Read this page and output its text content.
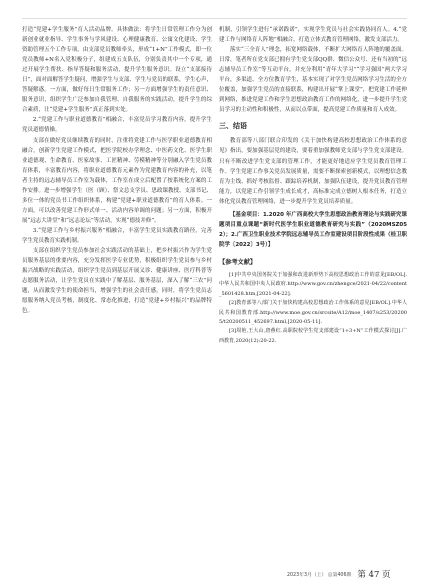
打造“党建+学生服务”育人活动品牌。具体做法：将学生日常管理工作分为创新创业就业指导、学生事务与学风建设、心理健康教育、公寓文化建设、学生资助管理五个工作专项，由支部党员教师牵头，形成“1+N”工作模式，即一位党员教师+N名入党积极分子，组建成五支队伍，分别负责其中一个专项，通过开展学生帮扶、指导答疑和服务活动，提升学生服务意识。设立“支部接待日”，面对面解答学生疑问，增强学生与支部、学生与党员的联系，学生心声，答疑解惑。一方面，做好每日生常服务工作；另一方面增强学生的责任意识、服务意识，组织学生广泛参加自我管理、自我服务的实践活动，提升学生的综合素质，让“党建+学生服务”真正落到实处。

2.“党建工作与职业道德教育”相融合，丰富党员学习教育内容，提升学生党员道德情操。

支部在做好党员继续教育的同时，注重将党建工作与医学职业道德教育相融合，创新学生党建工作模式，把医学院校办学理念、中医药文化、医学生职业道德观、生命教育、医家故事、工匠精神、劳模精神等分别融入学生党员教育体系，丰富教育内容，将职业道德教育元素作为党建教育内容的补充，以笔者主持的远志辅导员工作室为载体，工作室在成立后配置了按系统化方案的工作安排。进一步增强学生（医（顾）、祭文总支学员、思政课教授、支部书记、多位一体的党员书工作组织体系，构建“党建+职业道德教育”的育人体系。一方面，可以改善党建工作形式单一、活动内容单调的问题；另一方面，积极开展“远志大讲堂”和“远志论坛”等活动，实现“德技并修”。

3.“党建工作与乡村振兴服务”相融合，丰富学生党员实践教育路径，完善学生党员教育实践机制。

支部在组织学生党员参加社会实践活动的基础上，把乡村振兴作为学生党员服务基层的重要内容，充分发挥医学专业优势，积极组织学生党员参与乡村振兴战略的实践活动，组织学生党员到基层开展义诊、健康讲座、医疗科普等志愿服务活动，让学生党员在实践中了解基层、服务基层，深入了解“三农”问题，从而激发学生的使命担当，增强学生的社会责任感，同时，将学生党员志愿服务纳入党员考核，制度化、常态化推进，打造“党建+乡村振兴”的品牌特色。

机制，引领学生进行“承诺践诺”，实现学生党员与社会实践协同育人。4.“党建工作与网络育人阵地”相融合，打造立体式教育管理网络，激发支部活力。

落实“三全育人”理念，拓宽网络载体，不断扩大网络育人阵地的覆盖面。日常，笔者所在党支部已拥有学生党支部QQ群、微信公众号、还有当初的“远志辅导员工作室”等互动平台，并充分利用“青年大学习”“学习强国”两大学习平台，多渠道、全方位教育学生，基本实现了对学生党员网络学习生活的全方位覆盖，加强学生党员的直接联系，构建出开展“掌上课堂”，把党建工作延伸到网络，推进党建工作和学生思想政治教育工作的网络化，进一步提升学生党员学习的主动性和积极性，从而以点带面，提高党建工作质量和育人成效。

三、结语

教育部等八部门联合印发的《关于加快构建高校思想政治工作体系的意见》指出，要加强基层党的建设，要着重加强教师党支部与学生党支部建设。只有不断改进学生党支部的管理工作，才能更好地适应学生党员教育管理工作。学生党建工作事关党员发展质量，需要不断探索创新模式，以理想信念教育为主线、抓好考核监督、跟踪培养机制，加强队伍建设，提升党员教育管理能力，以党建工作引领学生成长成才，高标准完成立德树人根本任务，打造立体化党员教育管理网络，进一步提升学生党员培养质量。

【基金项目：1.2020 年广西高校大学生思想政治教育理论与实践研究课题项目重点课题“新时代医学生职业道德教育研究与实践”（2020MSZ052）；2.广西卫生职业技术学院远志辅导员工作室建设项目阶段性成果（桂卫职院学〔2022〕3号）】

【参考文献】

[1]中共中央国务院关于加强和改进新形势下高校思想政治工作的意见[EB/OL].中华人民共和国中央人民政府.http://www.gov.cn/zhengce/2021-04/22/content_5601428.htm,[2021-04-22].

[2]教育部等八部门关于加快构建高校思想政治工作体系的意见[EB/OL].中华人民共和国教育部.http://www.moe.gov.cn/srcsite/A12/moe_1407/s253/202005/t20200511_452697.html,[2020-05-11].

[3]周艳,王大山,唐燕红.高职院校学生党支部建设“1+3+N”工作模式探讨[J].广西教育,2020(12):20-22.

2023年3月（上） 总第406期 第 47 页
